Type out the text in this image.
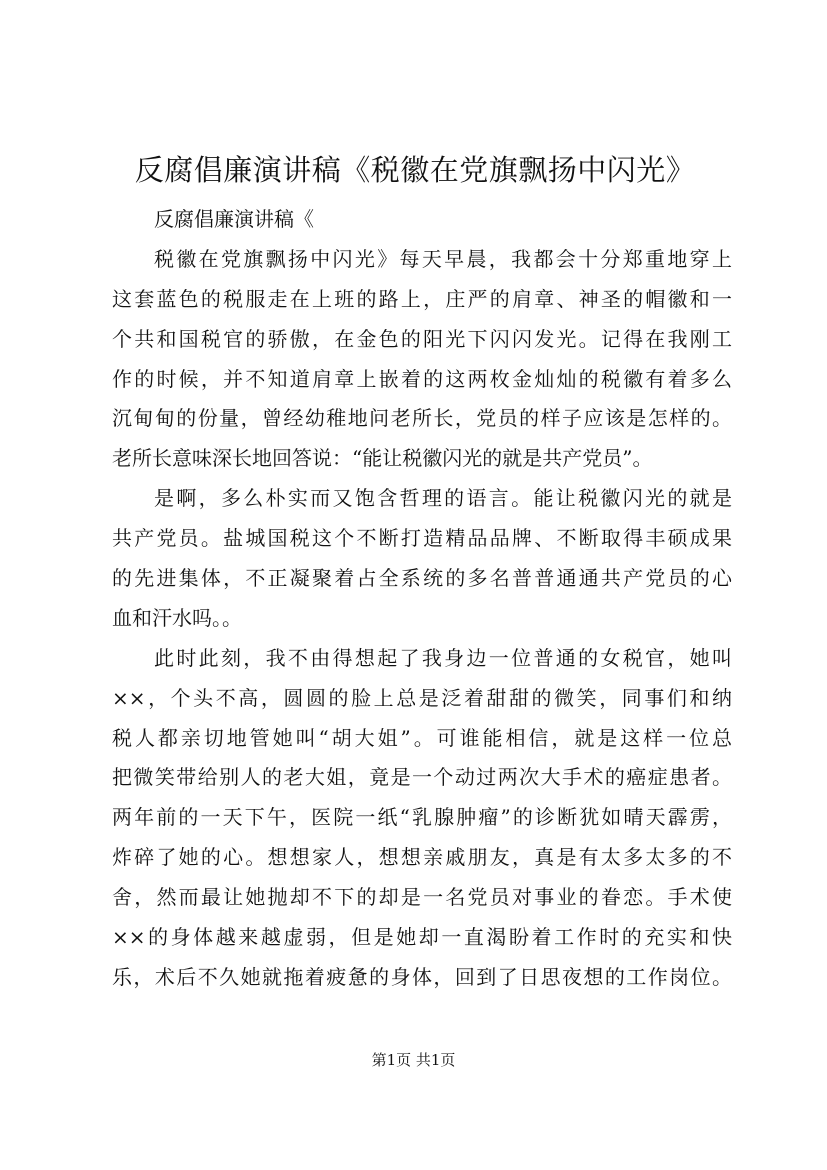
反腐倡廉演讲稿《税徽在党旗飘扬中闪光》
反腐倡廉演讲稿《
税徽在党旗飘扬中闪光》每天早晨，我都会十分郑重地穿上
这套蓝色的税服走在上班的路上，庄严的肩章、神圣的帽徽和一
个共和国税官的骄傲，在金色的阳光下闪闪发光。记得在我刚工
作的时候，并不知道肩章上嵌着的这两枚金灿灿的税徽有着多么
沉甸甸的份量，曾经幼稚地问老所长，党员的样子应该是怎样的。
老所长意味深长地回答说：“能让税徽闪光的就是共产党员”。
是啊，多么朴实而又饱含哲理的语言。能让税徽闪光的就是
共产党员。盐城国税这个不断打造精品品牌、不断取得丰硕成果
的先进集体，不正凝聚着占全系统的多名普普通通共产党员的心
血和汗水吗。。
此时此刻，我不由得想起了我身边一位普通的女税官，她叫
××，个头不高，圆圆的脸上总是泛着甜甜的微笑，同事们和纳
税人都亲切地管她叫“胡大姐”。可谁能相信，就是这样一位总
把微笑带给别人的老大姐，竟是一个动过两次大手术的癌症患者。
两年前的一天下午，医院一纸“乳腺肿瘤”的诊断犹如晴天霹雳，
炸碎了她的心。想想家人，想想亲戚朋友，真是有太多太多的不
舍，然而最让她抛却不下的却是一名党员对事业的眷恋。手术使
××的身体越来越虚弱，但是她却一直渴盼着工作时的充实和快
乐，术后不久她就拖着疲惫的身体，回到了日思夜想的工作岗位。
第1页 共1页
